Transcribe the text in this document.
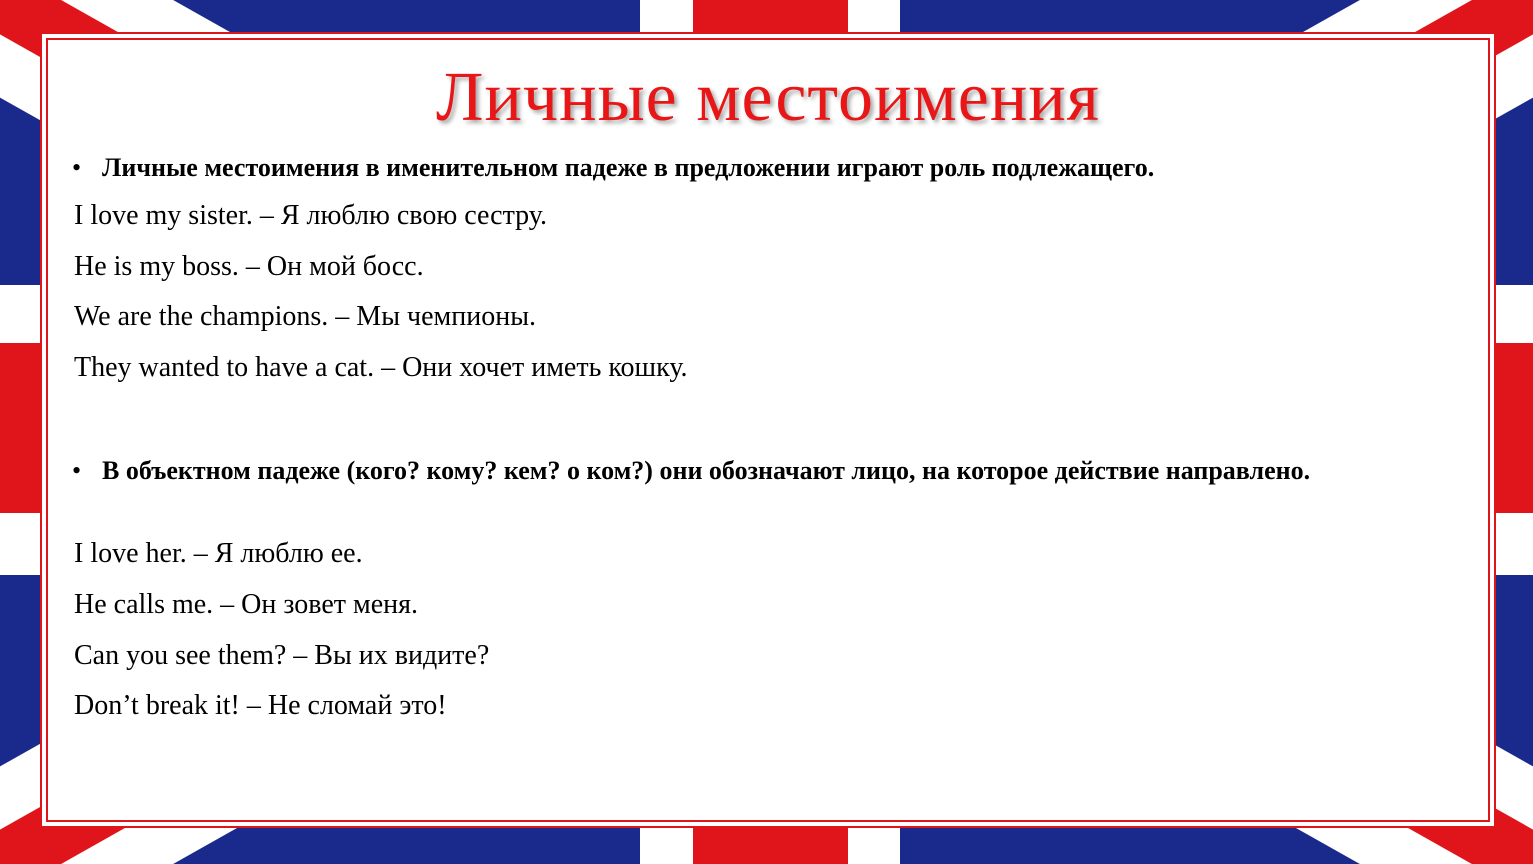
Личные местоимения
• Личные местоимения в именительном падеже в предложении играют роль подлежащего.
I love my sister. – Я люблю свою сестру.
He is my boss. – Он мой босс.
We are the champions. – Мы чемпионы.
They wanted to have a cat. – Они хочет иметь кошку.
• В объектном падеже (кого? кому? кем? о ком?) они обозначают лицо, на которое действие направлено.
I love her. – Я люблю ее.
He calls me. – Он зовет меня.
Can you see them? – Вы их видите?
Don’t break it! – Не сломай это!
